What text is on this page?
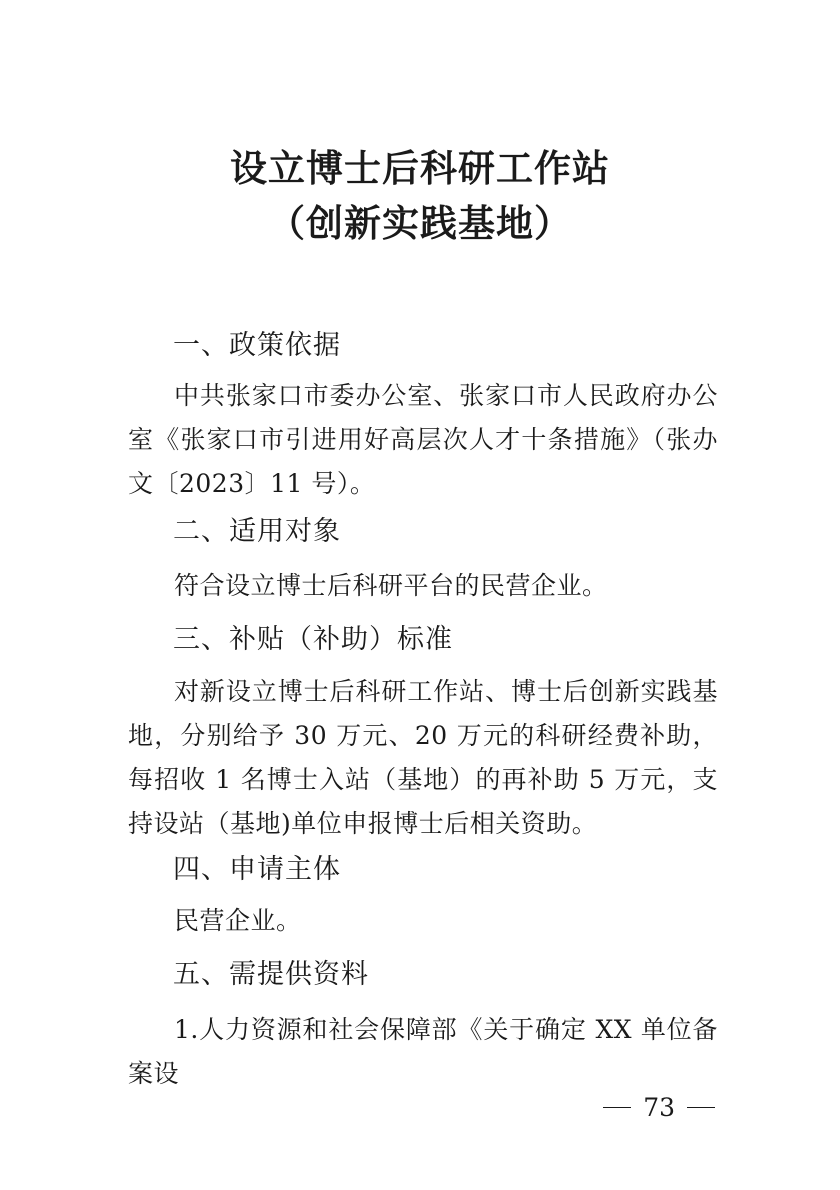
设立博士后科研工作站
（创新实践基地）
一、政策依据

中共张家口市委办公室、张家口市人民政府办公室《张家口市引进用好高层次人才十条措施》（张办文〔2023〕11 号）。

二、适用对象

符合设立博士后科研平台的民营企业。

三、补贴（补助）标准

对新设立博士后科研工作站、博士后创新实践基地，分别给予 30 万元、20 万元的科研经费补助，每招收 1 名博士入站（基地）的再补助 5 万元，支持设站（基地)单位申报博士后相关资助。

四、申请主体

民营企业。

五、需提供资料

1.人力资源和社会保障部《关于确定 XX 单位备案设

73
